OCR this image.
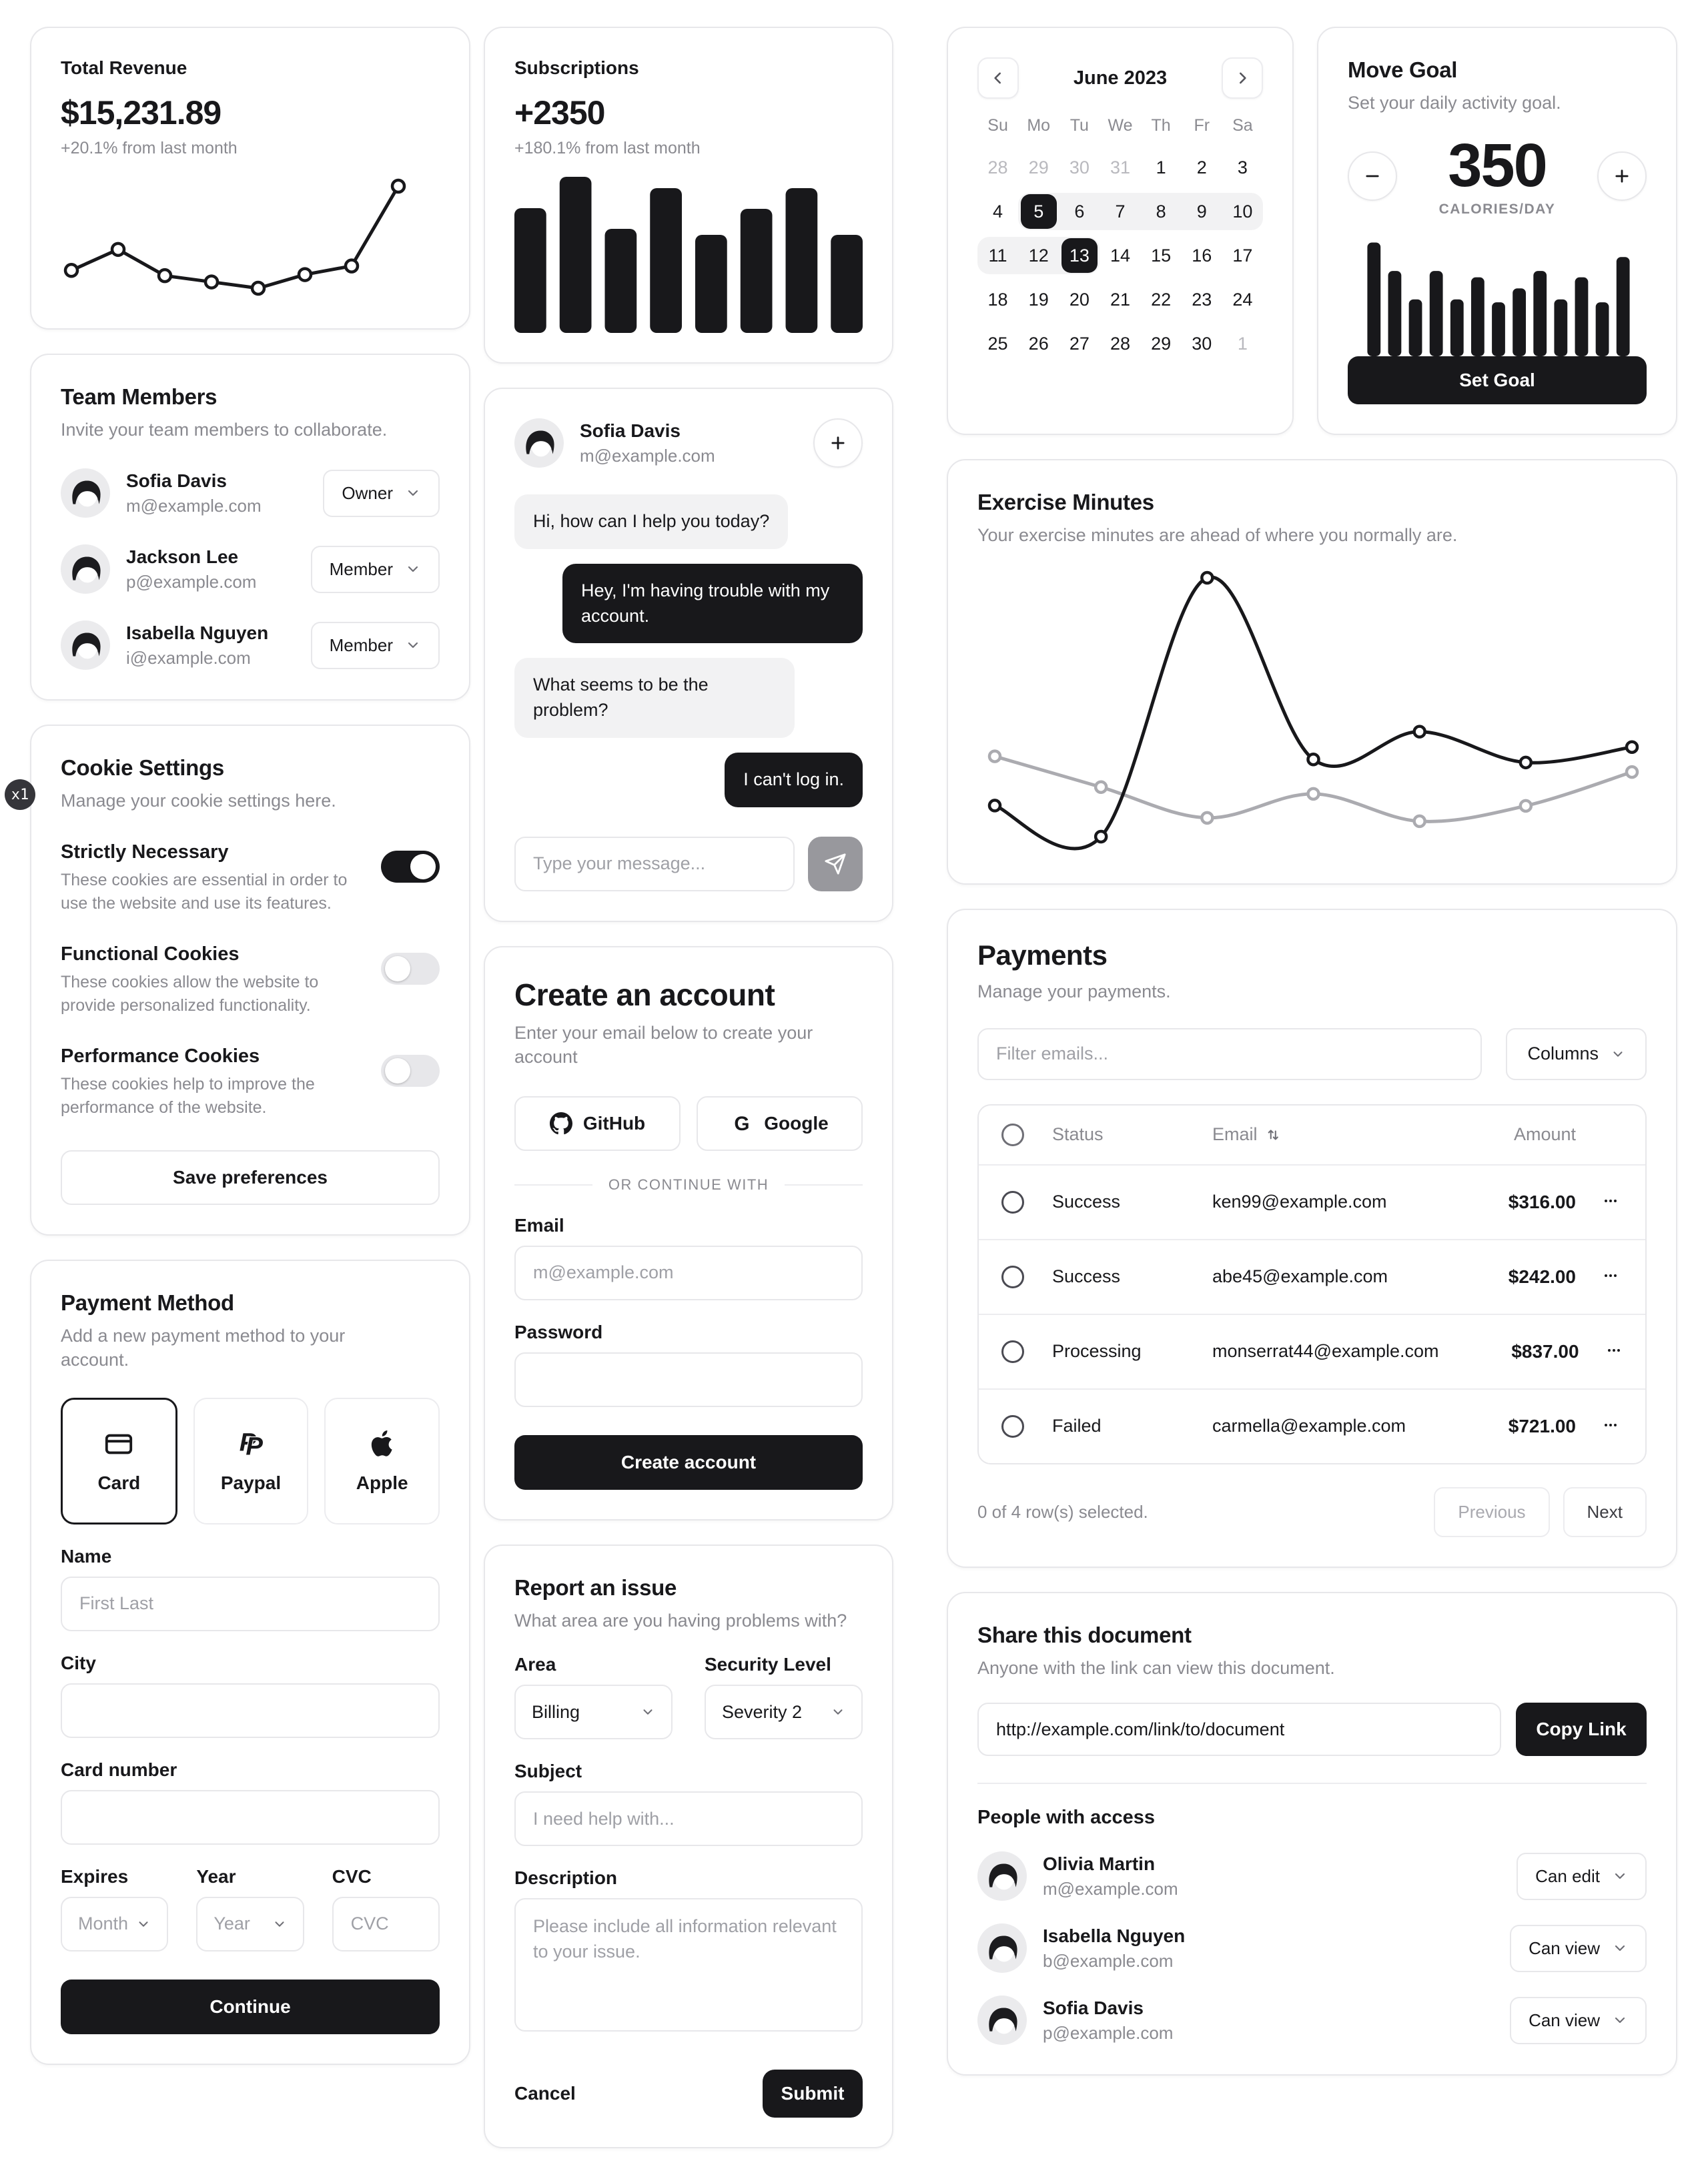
Total Revenue
$15,231.89
+20.1% from last month
Team Members
Invite your team members to collaborate.
Sofia Davis
m@example.com
Owner
Jackson Lee
p@example.com
Member
Isabella Nguyen
i@example.com
Member
x1
Cookie Settings
Manage your cookie settings here.
Strictly Necessary
These cookies are essential in order to use the website and use its features.
Functional Cookies
These cookies allow the website to provide personalized functionality.
Performance Cookies
These cookies help to improve the performance of the website.
Save preferences
Payment Method
Add a new payment method to your account.
Card	Paypal	Apple
Name
First Last
City
Card number
Expires
Month
Year
Year
CVC
CVC
Continue
Subscriptions
+2350
+180.1% from last month
Sofia Davis
m@example.com
Hi, how can I help you today?
Hey, I'm having trouble with my account.
What seems to be the problem?
I can't log in.
Type your message...
Create an account
Enter your email below to create your account
GitHub	Google
OR CONTINUE WITH
Email
m@example.com
Password
Create account
Report an issue
What area are you having problems with?
Area
Billing
Security Level
Severity 2
Subject
I need help with...
Description
Please include all information relevant to your issue.
Cancel	Submit
June 2023
Su	Mo	Tu	We	Th	Fr	Sa
28	29	30	31	1	2	3
4	5	6	7	8	9	10
11	12	13	14	15	16	17
18	19	20	21	22	23	24
25	26	27	28	29	30	1
Move Goal
Set your daily activity goal.
350
CALORIES/DAY
Set Goal
Exercise Minutes
Your exercise minutes are ahead of where you normally are.
Payments
Manage your payments.
Filter emails...
Columns
Status	Email	Amount
Success	ken99@example.com	$316.00
Success	abe45@example.com	$242.00
Processing	monserrat44@example.com	$837.00
Failed	carmella@example.com	$721.00
0 of 4 row(s) selected.	Previous	Next
Share this document
Anyone with the link can view this document.
http://example.com/link/to/document
Copy Link
People with access
Olivia Martin
m@example.com
Can edit
Isabella Nguyen
b@example.com
Can view
Sofia Davis
p@example.com
Can view
